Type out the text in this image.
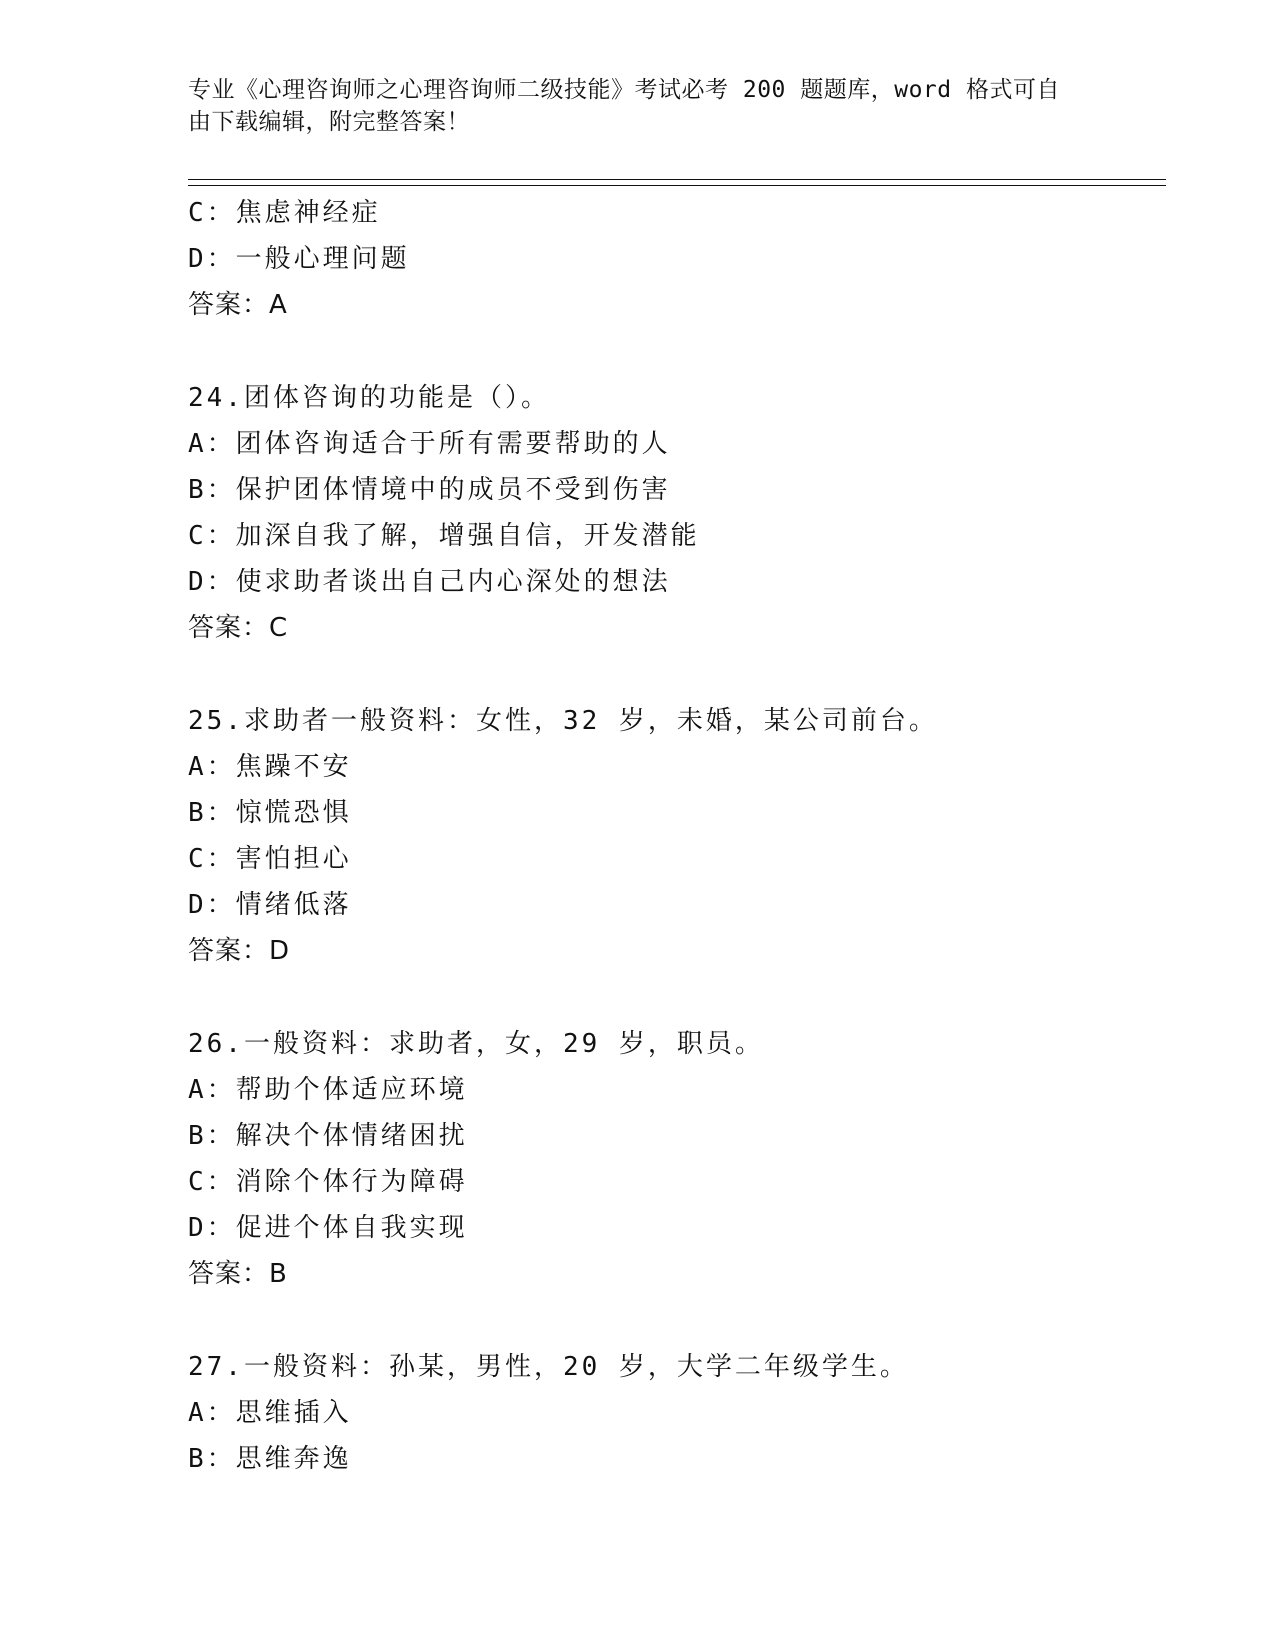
专业《心理咨询师之心理咨询师二级技能》考试必考 200 题题库，word 格式可自
由下载编辑，附完整答案！
C：焦虑神经症
D：一般心理问题
答案：A
24.团体咨询的功能是（）。
A：团体咨询适合于所有需要帮助的人
B：保护团体情境中的成员不受到伤害
C：加深自我了解，增强自信，开发潜能
D：使求助者谈出自己内心深处的想法
答案：C
25.求助者一般资料：女性，32 岁，未婚，某公司前台。
A：焦躁不安
B：惊慌恐惧
C：害怕担心
D：情绪低落
答案：D
26.一般资料：求助者，女，29 岁，职员。
A：帮助个体适应环境
B：解决个体情绪困扰
C：消除个体行为障碍
D：促进个体自我实现
答案：B
27.一般资料：孙某，男性，20 岁，大学二年级学生。
A：思维插入
B：思维奔逸
